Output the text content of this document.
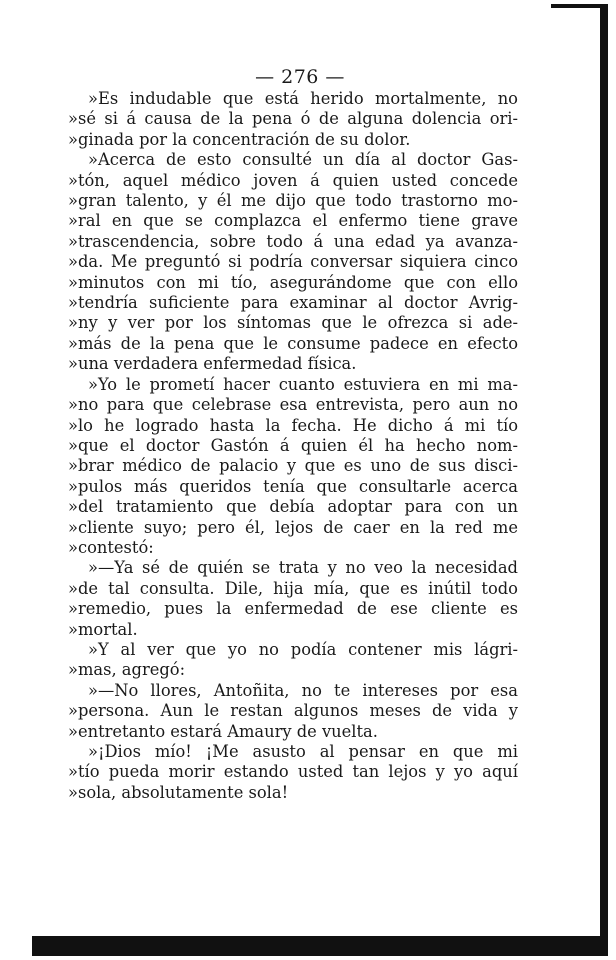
— 276 —
»Es indudable que está herido mortalmente, no
»sé si á causa de la pena ó de alguna dolencia ori-
»ginada por la concentración de su dolor.
»Acerca de esto consulté un día al doctor Gas-
»tón, aquel médico joven á quien usted concede
»gran talento, y él me dijo que todo trastorno mo-
»ral en que se complazca el enfermo tiene grave
»trascendencia, sobre todo á una edad ya avanza-
»da. Me preguntó si podría conversar siquiera cinco
»minutos con mi tío, asegurándome que con ello
»tendría suficiente para examinar al doctor Avrig-
»ny y ver por los síntomas que le ofrezca si ade-
»más de la pena que le consume padece en efecto
»una verdadera enfermedad física.
»Yo le prometí hacer cuanto estuviera en mi ma-
»no para que celebrase esa entrevista, pero aun no
»lo he logrado hasta la fecha. He dicho á mi tío
»que el doctor Gastón á quien él ha hecho nom-
»brar médico de palacio y que es uno de sus disci-
»pulos más queridos tenía que consultarle acerca
»del tratamiento que debía adoptar para con un
»cliente suyo; pero él, lejos de caer en la red me
»contestó:
»—Ya sé de quién se trata y no veo la necesidad
»de tal consulta. Dile, hija mía, que es inútil todo
»remedio, pues la enfermedad de ese cliente es
»mortal.
»Y al ver que yo no podía contener mis lágri-
»mas, agregó:
»—No llores, Antoñita, no te intereses por esa
»persona. Aun le restan algunos meses de vida y
»entretanto estará Amaury de vuelta.
»¡Dios mío! ¡Me asusto al pensar en que mi
»tío pueda morir estando usted tan lejos y yo aquí
»sola, absolutamente sola!
